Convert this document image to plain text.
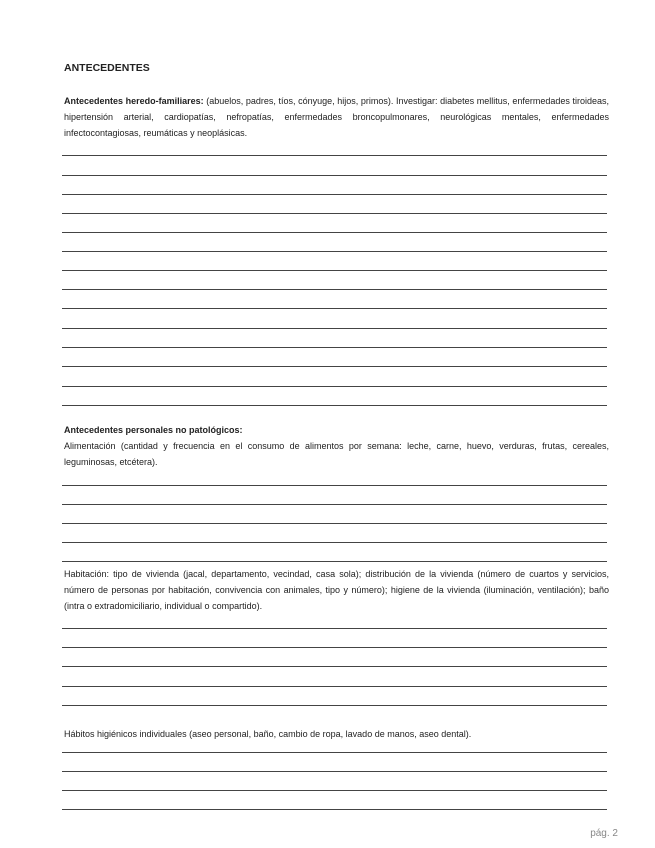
ANTECEDENTES

Antecedentes heredo-familiares: (abuelos, padres, tíos, cónyuge, hijos, primos). Investigar: diabetes mellitus, enfermedades tiroideas, hipertensión arterial, cardiopatías, nefropatías, enfermedades broncopulmonares, neurológicas mentales, enfermedades infectocontagiosas, reumáticas y neoplásicas.

Antecedentes personales no patológicos:
Alimentación (cantidad y frecuencia en el consumo de alimentos por semana: leche, carne, huevo, verduras, frutas, cereales, leguminosas, etcétera).

Habitación: tipo de vivienda (jacal, departamento, vecindad, casa sola); distribución de la vivienda (número de cuartos y servicios, número de personas por habitación, convivencia con animales, tipo y número); higiene de la vivienda (iluminación, ventilación); baño (intra o extradomiciliario, individual o compartido).

Hábitos higiénicos individuales (aseo personal, baño, cambio de ropa, lavado de manos, aseo dental).

pág. 2
